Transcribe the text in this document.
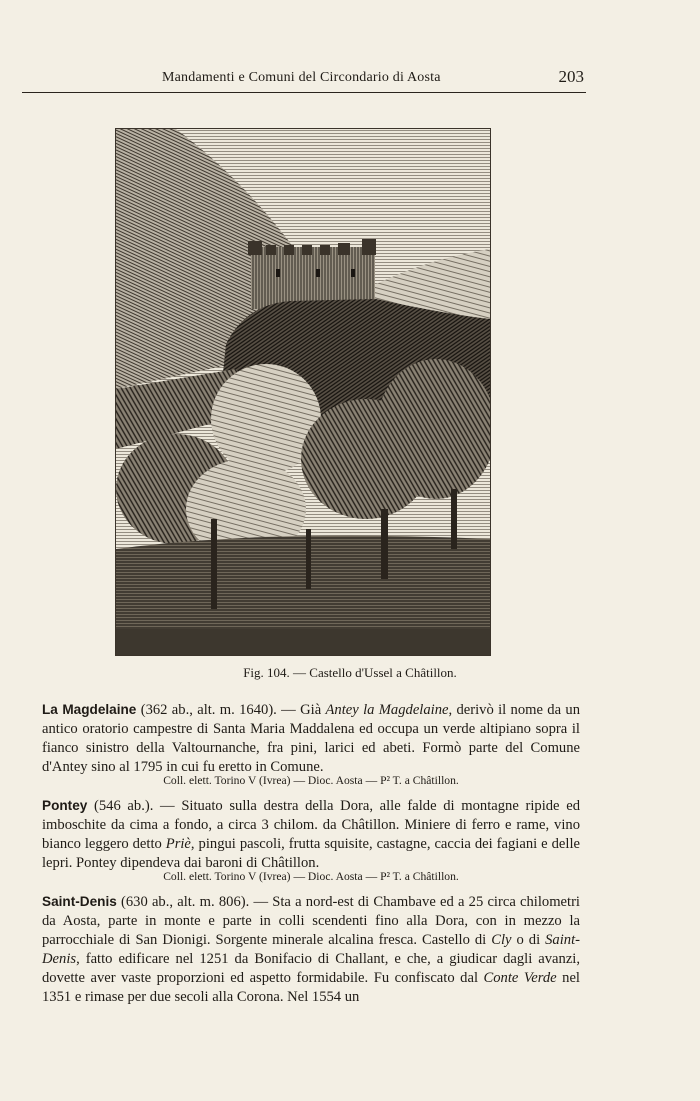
Mandamenti e Comuni del Circondario di Aosta	203
Fig. 104. — Castello d'Ussel a Châtillon.

La Magdelaine (362 ab., alt. m. 1640). — Già Antey la Magdelaine, derivò il nome da un antico oratorio campestre di Santa Maria Maddalena ed occupa un verde altipiano sopra il fianco sinistro della Valtournanche, fra pini, larici ed abeti. Formò parte del Comune d'Antey sino al 1795 in cui fu eretto in Comune.

Coll. elett. Torino V (Ivrea) — Dioc. Aosta — P² T. a Châtillon.

Pontey (546 ab.). — Situato sulla destra della Dora, alle falde di montagne ripide ed imboschite da cima a fondo, a circa 3 chilom. da Châtillon. Miniere di ferro e rame, vino bianco leggero detto Priè, pingui pascoli, frutta squisite, castagne, caccia dei fagiani e delle lepri. Pontey dipendeva dai baroni di Châtillon.

Coll. elett. Torino V (Ivrea) — Dioc. Aosta — P² T. a Châtillon.

Saint-Denis (630 ab., alt. m. 806). — Sta a nord-est di Chambave ed a 25 circa chilometri da Aosta, parte in monte e parte in colli scendenti fino alla Dora, con in mezzo la parrocchiale di San Dionigi. Sorgente minerale alcalina fresca. Castello di Cly o di Saint-Denis, fatto edificare nel 1251 da Bonifacio di Challant, e che, a giudicar dagli avanzi, dovette aver vaste proporzioni ed aspetto formidabile. Fu confiscato dal Conte Verde nel 1351 e rimase per due secoli alla Corona. Nel 1554 un
